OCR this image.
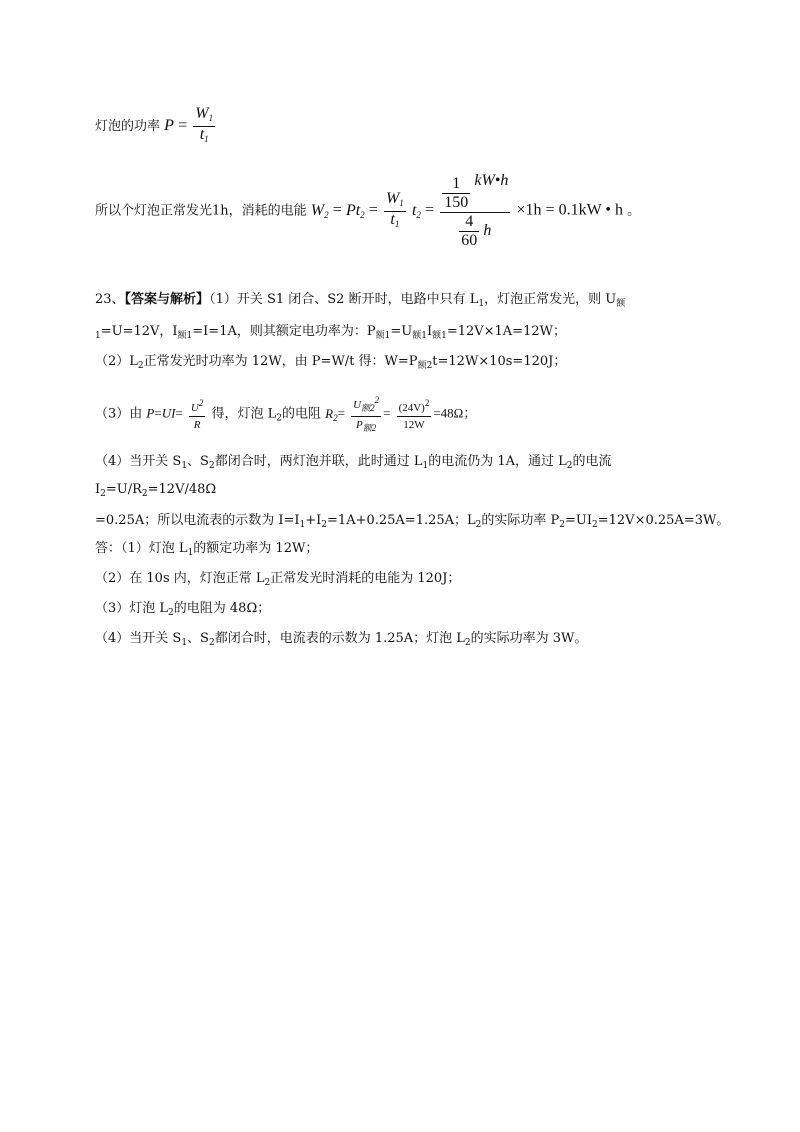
灯泡的功率 $P = \frac{W_1}{t_1}$
所以个灯泡正常发光1h，消耗的电能 $W_2 = Pt_2 = \frac{W_1}{t_1} t_2 = \frac{\frac{1}{150} kW•h}{\frac{4}{60} h} \times 1h = 0.1kW$ • h 。
23、【答案与解析】（1）开关 S1 闭合、S2 断开时，电路中只有 $L_1$，灯泡正常发光，则 $U_额$
$_1$=U=12V，$I_{额1}=I=1A$，则其额定电功率为：$P_{额1}=U_{额1}I_{额1}=12V\times 1A=12W$；
$(2)L_2$正常发光时功率为 12W，由 P=W/t 得：$W=P_{额2}t=12W\times 10s=120J$；
（3）由 $P=UI= \frac{U^2}{R}$ 得，灯泡 $L_2$的电阻 $R_2= \frac{U_{额2}^2}{P_{额2}} = \frac{(24V)^2}{12W} =48\Omega$；
（4）当开关 $S_1$、$S_2$都闭合时，两灯泡并联，此时通过 $L_1$的电流仍为 1A，通过 $L_2$的电流
$I_2=U/R_2=12V/48\Omega$
=0.25A；所以电流表的示数为 $I=I_1+I_2=1A+0.25A=1.25A$；$L_2$的实际功率 $P_2=UI_2=12V\times 0.25A=3W$。
答：（1）灯泡 $L_1$的额定功率为 12W；
（2）在 10s 内，灯泡正常 $L_2$正常发光时消耗的电能为 120J；
（3）灯泡 $L_2$的电阻为 48Ω；
（4）当开关 $S_1$、$S_2$都闭合时，电流表的示数为 1.25A；灯泡 $L_2$的实际功率为 3W。
